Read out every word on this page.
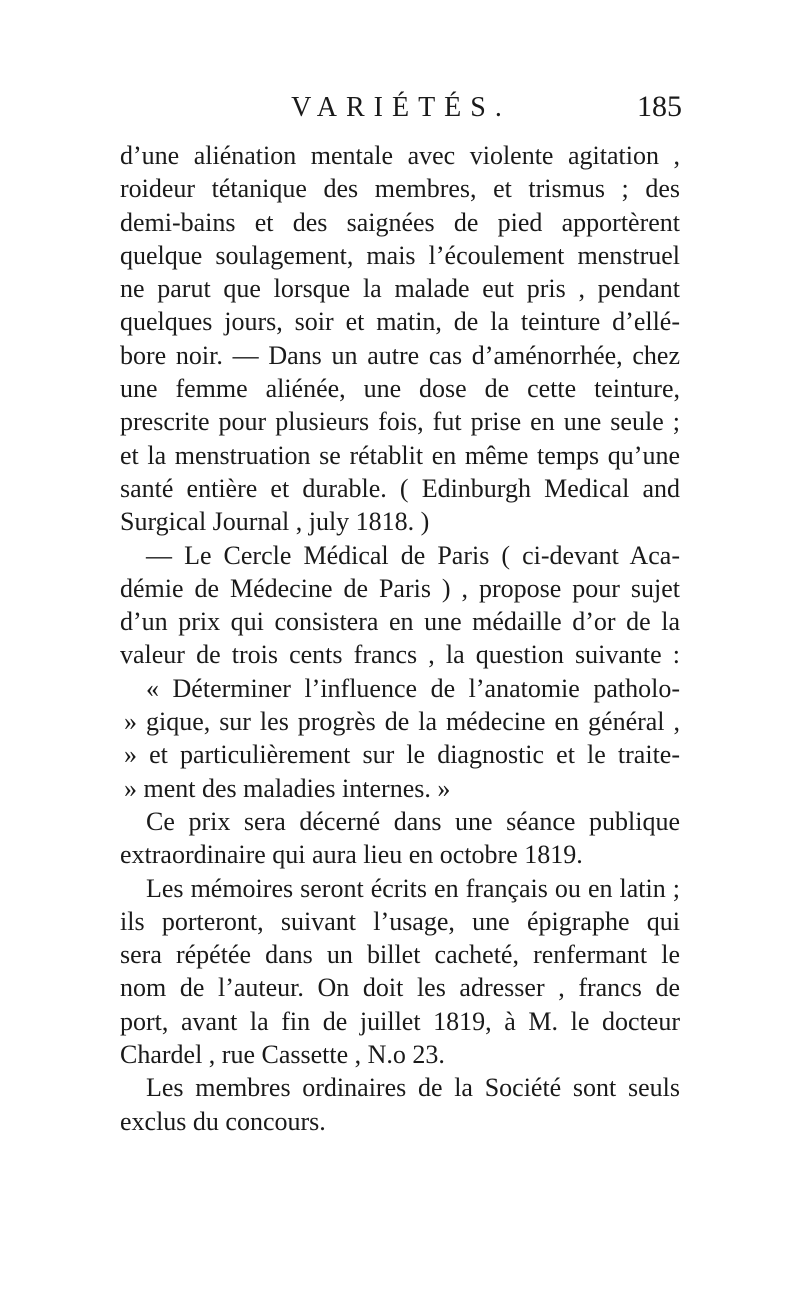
VARIÉTÉS.	185
d’une aliénation mentale avec violente agitation ,
roideur tétanique des membres, et trismus ; des
demi-bains et des saignées de pied apportèrent
quelque soulagement, mais l’écoulement menstruel
ne parut que lorsque la malade eut pris , pendant
quelques jours, soir et matin, de la teinture d’ellé-
bore noir. — Dans un autre cas d’aménorrhée, chez
une femme aliénée, une dose de cette teinture,
prescrite pour plusieurs fois, fut prise en une seule ;
et la menstruation se rétablit en même temps qu’une
santé entière et durable. ( Edinburgh Medical and
Surgical Journal , july 1818. )
— Le Cercle Médical de Paris ( ci-devant Aca-
démie de Médecine de Paris ) , propose pour sujet
d’un prix qui consistera en une médaille d’or de la
valeur de trois cents francs , la question suivante :
« Déterminer l’influence de l’anatomie patholo-
» gique, sur les progrès de la médecine en général ,
» et particulièrement sur le diagnostic et le traite-
» ment des maladies internes. »
Ce prix sera décerné dans une séance publique
extraordinaire qui aura lieu en octobre 1819.
Les mémoires seront écrits en français ou en latin ;
ils porteront, suivant l’usage, une épigraphe qui
sera répétée dans un billet cacheté, renfermant le
nom de l’auteur. On doit les adresser , francs de
port, avant la fin de juillet 1819, à M. le docteur
Chardel , rue Cassette , N.o 23.
Les membres ordinaires de la Société sont seuls
exclus du concours.
